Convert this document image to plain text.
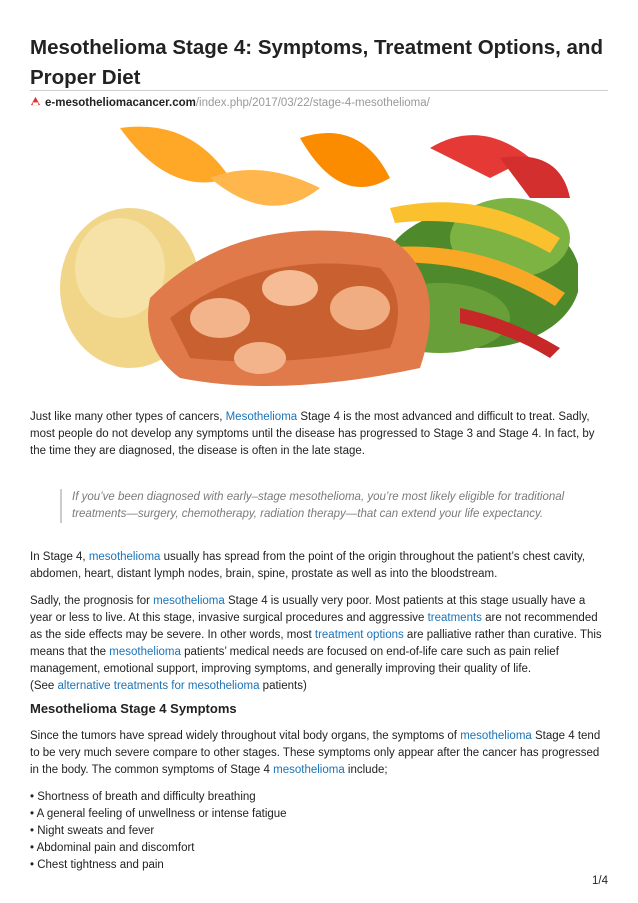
Mesothelioma Stage 4: Symptoms, Treatment Options, and Proper Diet
e-mesotheliomacancer.com/index.php/2017/03/22/stage-4-mesothelioma/

Just like many other types of cancers, Mesothelioma Stage 4 is the most advanced and difficult to treat. Sadly, most people do not develop any symptoms until the disease has progressed to Stage 3 and Stage 4. In fact, by the time they are diagnosed, the disease is often in the late stage.

If you’ve been diagnosed with early–stage mesothelioma, you’re most likely eligible for traditional treatments—surgery, chemotherapy, radiation therapy—that can extend your life expectancy.

In Stage 4, mesothelioma usually has spread from the point of the origin throughout the patient’s chest cavity, abdomen, heart, distant lymph nodes, brain, spine, prostate as well as into the bloodstream.

Sadly, the prognosis for mesothelioma Stage 4 is usually very poor. Most patients at this stage usually have a year or less to live. At this stage, invasive surgical procedures and aggressive treatments are not recommended as the side effects may be severe. In other words, most treatment options are palliative rather than curative. This means that the mesothelioma patients’ medical needs are focused on end-of-life care such as pain relief management, emotional support, improving symptoms, and generally improving their quality of life.
(See alternative treatments for mesothelioma patients)

Mesothelioma Stage 4 Symptoms

Since the tumors have spread widely throughout vital body organs, the symptoms of mesothelioma Stage 4 tend to be very much severe compare to other stages. These symptoms only appear after the cancer has progressed in the body. The common symptoms of Stage 4 mesothelioma include;

• Shortness of breath and difficulty breathing
• A general feeling of unwellness or intense fatigue
• Night sweats and fever
• Abdominal pain and discomfort
• Chest tightness and pain
1/4
